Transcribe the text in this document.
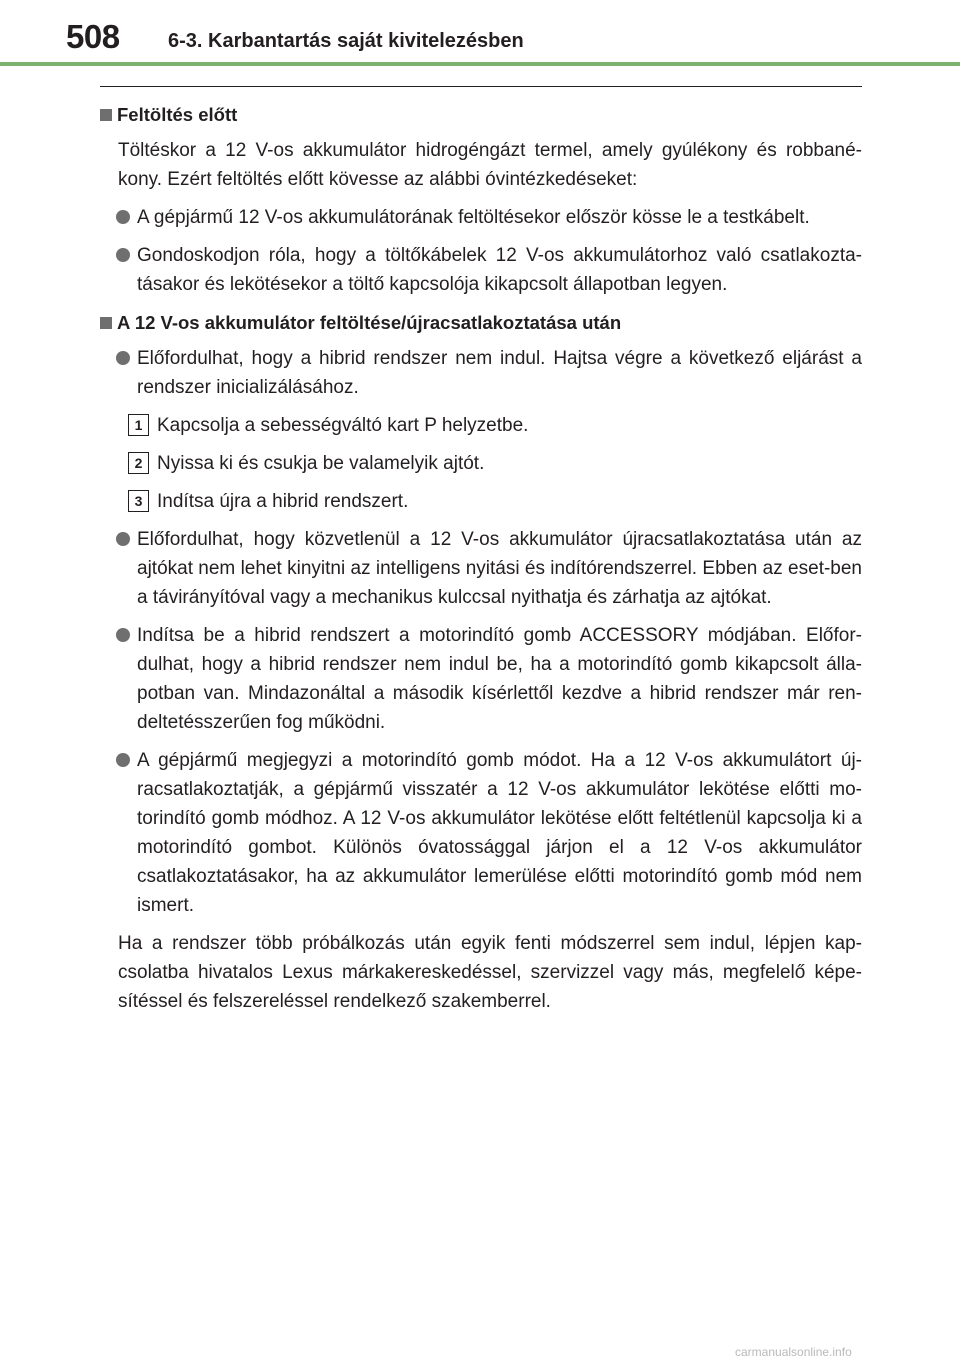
508 6-3. Karbantartás saját kivitelezésben
Feltöltés előtt
Töltéskor a 12 V-os akkumulátor hidrogéngázt termel, amely gyúlékony és robbané-kony. Ezért feltöltés előtt kövesse az alábbi óvintézkedéseket:
A gépjármű 12 V-os akkumulátorának feltöltésekor először kösse le a testkábelt.
Gondoskodjon róla, hogy a töltőkábelek 12 V-os akkumulátorhoz való csatlakozta-tásakor és lekötésekor a töltő kapcsolója kikapcsolt állapotban legyen.
A 12 V-os akkumulátor feltöltése/újracsatlakoztatása után
Előfordulhat, hogy a hibrid rendszer nem indul. Hajtsa végre a következő eljárást a rendszer inicializálásához.
1 Kapcsolja a sebességváltó kart P helyzetbe.
2 Nyissa ki és csukja be valamelyik ajtót.
3 Indítsa újra a hibrid rendszert.
Előfordulhat, hogy közvetlenül a 12 V-os akkumulátor újracsatlakoztatása után az ajtókat nem lehet kinyitni az intelligens nyitási és indítórendszerrel. Ebben az eset-ben a távirányítóval vagy a mechanikus kulccsal nyithatja és zárhatja az ajtókat.
Indítsa be a hibrid rendszert a motorindító gomb ACCESSORY módjában. Előfor-dulhat, hogy a hibrid rendszer nem indul be, ha a motorindító gomb kikapcsolt álla-potban van. Mindazonáltal a második kísérlettől kezdve a hibrid rendszer már ren-deltetésszerűen fog működni.
A gépjármű megjegyzi a motorindító gomb módot. Ha a 12 V-os akkumulátort új-racsatlakoztatják, a gépjármű visszatér a 12 V-os akkumulátor lekötése előtti mo-torindító gomb módhoz. A 12 V-os akkumulátor lekötése előtt feltétlenül kapcsolja ki a motorindító gombot. Különös óvatossággal járjon el a 12 V-os akkumulátor csatlakoztatásakor, ha az akkumulátor lemerülése előtti motorindító gomb mód nem ismert.
Ha a rendszer több próbálkozás után egyik fenti módszerrel sem indul, lépjen kap-csolatba hivatalos Lexus márkakereskedéssel, szervizzel vagy más, megfelelő képe-sítéssel és felszereléssel rendelkező szakemberrel.
carmanualsonline.info
